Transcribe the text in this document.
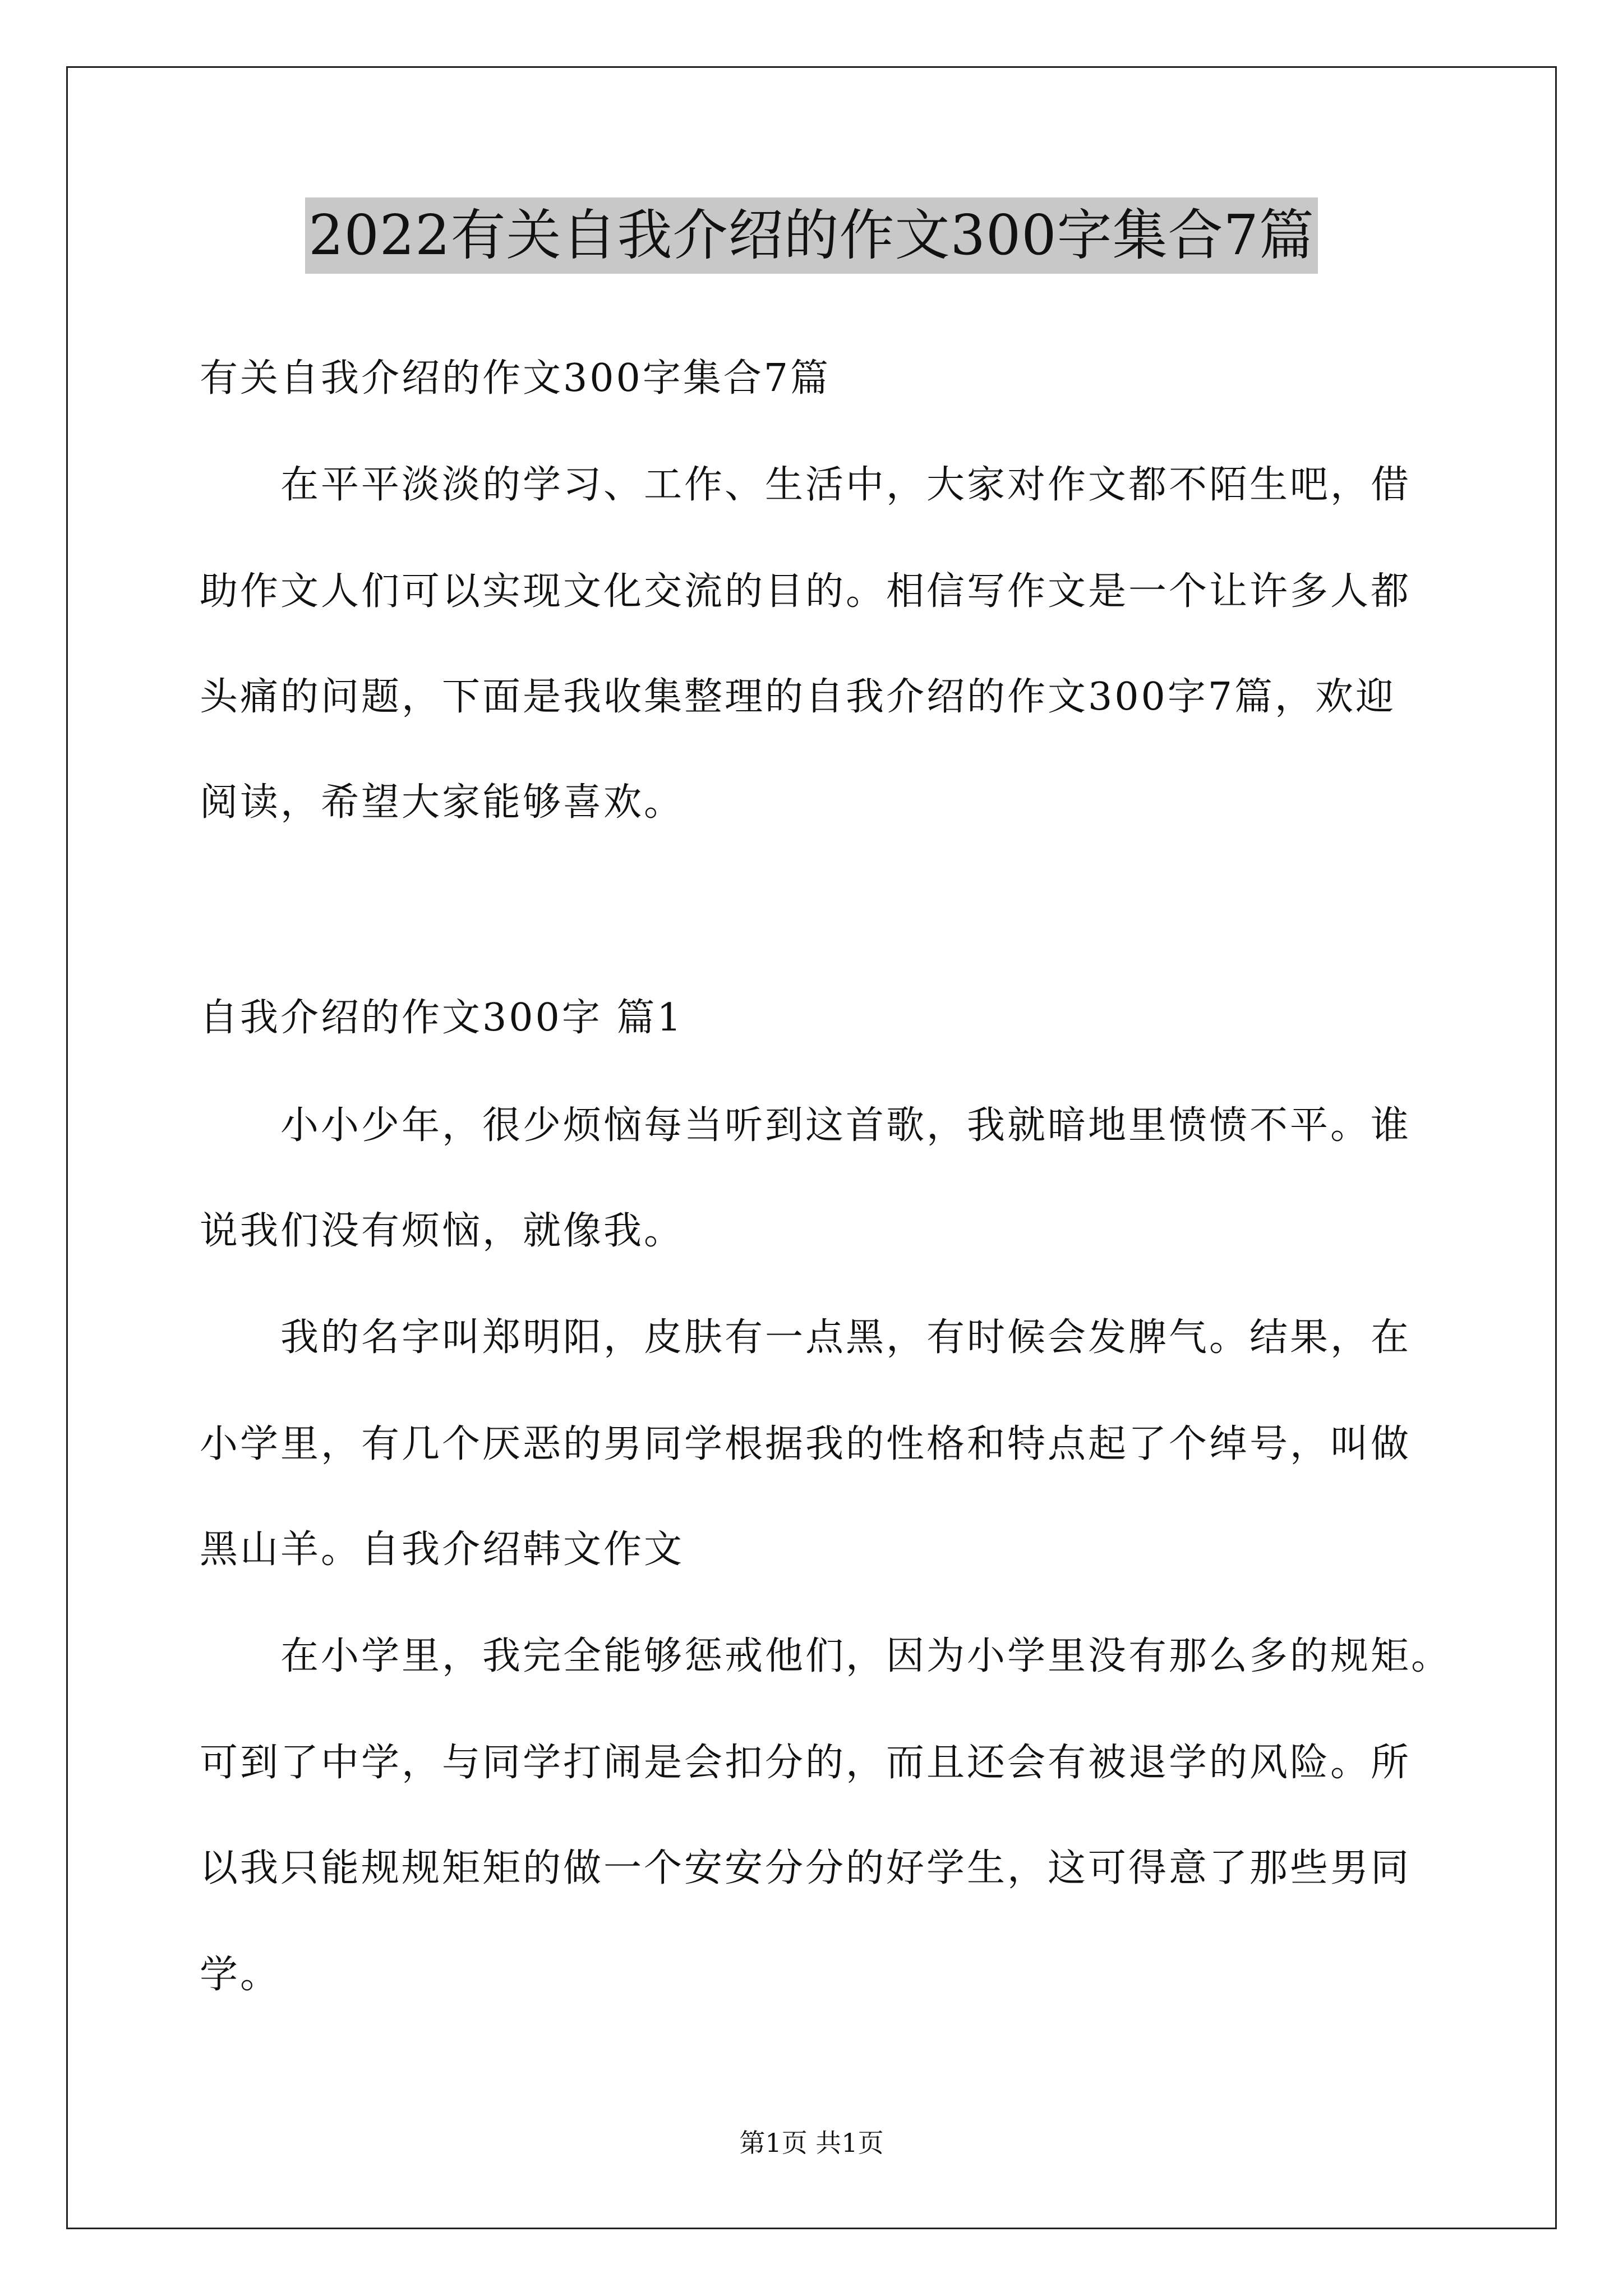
2022有关自我介绍的作文300字集合7篇
有关自我介绍的作文300字集合7篇
在平平淡淡的学习、工作、生活中，大家对作文都不陌生吧，借
助作文人们可以实现文化交流的目的。相信写作文是一个让许多人都
头痛的问题，下面是我收集整理的自我介绍的作文300字7篇，欢迎
阅读，希望大家能够喜欢。
自我介绍的作文300字 篇1
小小少年，很少烦恼每当听到这首歌，我就暗地里愤愤不平。谁
说我们没有烦恼，就像我。
我的名字叫郑明阳，皮肤有一点黑，有时候会发脾气。结果，在
小学里，有几个厌恶的男同学根据我的性格和特点起了个绰号，叫做
黑山羊。自我介绍韩文作文
在小学里，我完全能够惩戒他们，因为小学里没有那么多的规矩。
可到了中学，与同学打闹是会扣分的，而且还会有被退学的风险。所
以我只能规规矩矩的做一个安安分分的好学生，这可得意了那些男同
学。
第1页 共1页
